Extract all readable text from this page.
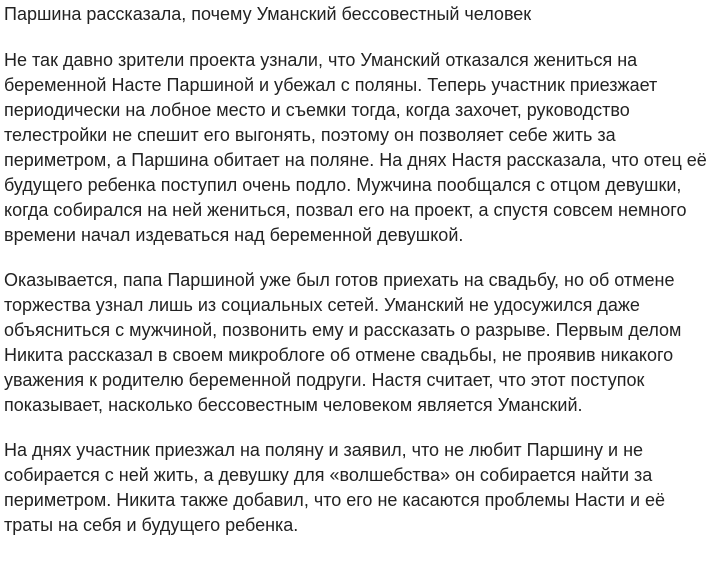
Паршина рассказала, почему Уманский бессовестный человек
Не так давно зрители проекта узнали, что Уманский отказался жениться на
беременной Насте Паршиной и убежал с поляны. Теперь участник приезжает
периодически на лобное место и съемки тогда, когда захочет, руководство
телестройки не спешит его выгонять, поэтому он позволяет себе жить за
периметром, а Паршина обитает на поляне. На днях Настя рассказала, что отец её
будущего ребенка поступил очень подло. Мужчина пообщался с отцом девушки,
когда собирался на ней жениться, позвал его на проект, а спустя совсем немного
времени начал издеваться над беременной девушкой.
Оказывается, папа Паршиной уже был готов приехать на свадьбу, но об отмене
торжества узнал лишь из социальных сетей. Уманский не удосужился даже
объясниться с мужчиной, позвонить ему и рассказать о разрыве. Первым делом
Никита рассказал в своем микроблоге об отмене свадьбы, не проявив никакого
уважения к родителю беременной подруги. Настя считает, что этот поступок
показывает, насколько бессовестным человеком является Уманский.
На днях участник приезжал на поляну и заявил, что не любит Паршину и не
собирается с ней жить, а девушку для «волшебства» он собирается найти за
периметром. Никита также добавил, что его не касаются проблемы Насти и её
траты на себя и будущего ребенка.
